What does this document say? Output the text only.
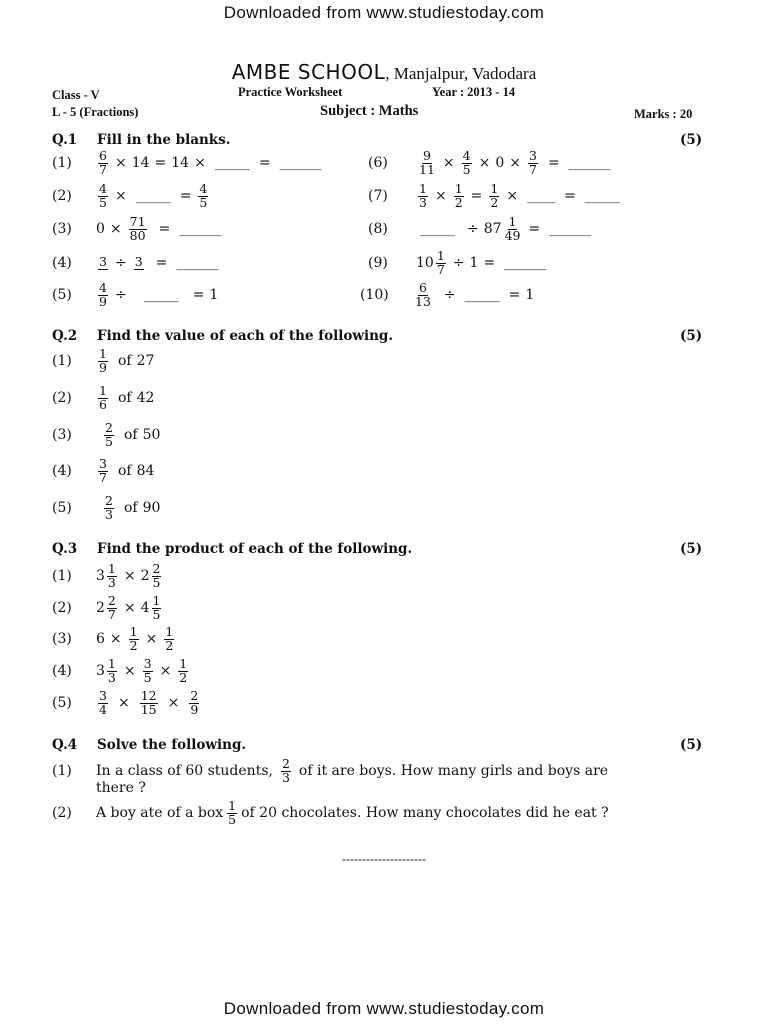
Downloaded from www.studiestoday.com
AMBE SCHOOL, Manjalpur, Vadodara
Class - V	Practice Worksheet	Year : 2013 - 14
L - 5 (Fractions)	Subject : Maths	Marks : 20
Q.1 Fill in the blanks.	(5)
(1)	$\frac{6}{7} \times 14 = 14$ × _____ = ______
(2)	$\frac{4}{5}$ × _____ = $\frac{4}{5}$
(3)	$0 \times \frac{71}{80}$ = ______
(4)	3 ÷ 3 = ______
(5)	$\frac{4}{9}$ ÷ _____ = 1
(6)	$\frac{9}{11} \times \frac{4}{5} \times 0 \times \frac{3}{7}$ = ______
(7)	$\frac{1}{3} \times \frac{1}{2} = \frac{1}{2}$ × ____ = _____
(8)	_____ ÷ $87 \frac{1}{49}$ = ______
(9)	$10 \frac{1}{7} \div 1$ = ______
(10)	$\frac{6}{13}$ ÷ _____ = 1
Q.2 Find the value of each of the following.	(5)
(1)	$\frac{1}{9}$ of 27
(2)	$\frac{1}{6}$ of 42
(3)	$\frac{2}{5}$ of 50
(4)	$\frac{3}{7}$ of 84
(5)	$\frac{2}{3}$ of 90
Q.3 Find the product of each of the following.	(5)
(1)	$3 \frac{1}{3} \times 2 \frac{2}{5}$
(2)	$2 \frac{2}{7} \times 4 \frac{1}{5}$
(3)	$6 \times \frac{1}{2} \times \frac{1}{2}$
(4)	$3 \frac{1}{3} \times \frac{3}{5} \times \frac{1}{2}$
(5)	$\frac{3}{4} \times \frac{12}{15} \times \frac{2}{9}$
Q.4 Solve the following.	(5)
(1)	In a class of 60 students, $\frac{2}{3}$ of it are boys. How many girls and boys are
there ?
(2)	A boy ate of a box $\frac{1}{5}$ of 20 chocolates. How many chocolates did he eat ?
---------------------
Downloaded from www.studiestoday.com
